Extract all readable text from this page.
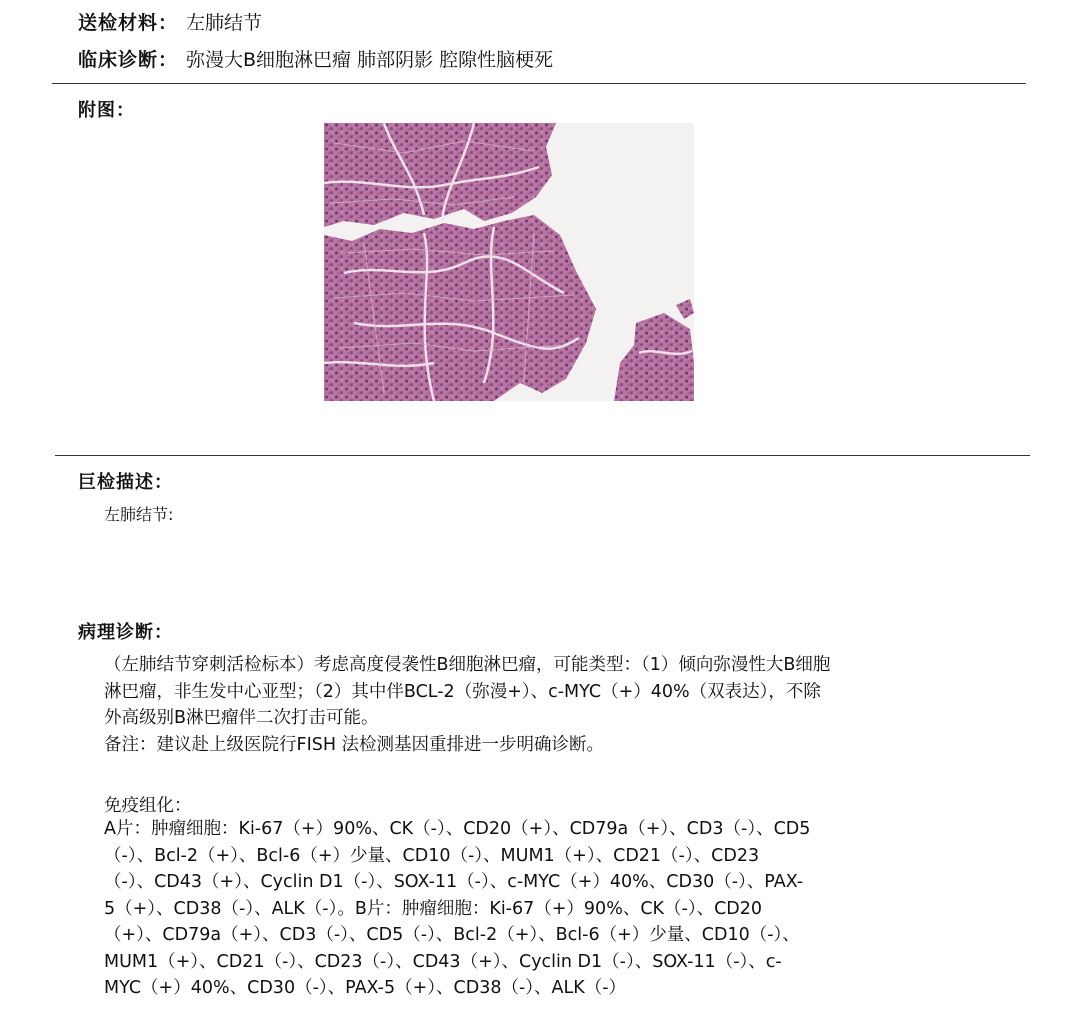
送检材料： 左肺结节
临床诊断： 弥漫大B细胞淋巴瘤 肺部阴影 腔隙性脑梗死
附图：
巨检描述：
左肺结节:
病理诊断：

（左肺结节穿刺活检标本）考虑高度侵袭性B细胞淋巴瘤，可能类型：（1）倾向弥漫性大B细胞

淋巴瘤，非生发中心亚型；（2）其中伴BCL-2（弥漫+）、c-MYC（+）40%（双表达），不除

外高级别B淋巴瘤伴二次打击可能。

备注：建议赴上级医院行FISH 法检测基因重排进一步明确诊断。

免疫组化：

A片：肿瘤细胞：Ki-67（+）90%、CK（-）、CD20（+）、CD79a（+）、CD3（-）、CD5

（-）、Bcl-2（+）、Bcl-6（+）少量、CD10（-）、MUM1（+）、CD21（-）、CD23

（-）、CD43（+）、Cyclin D1（-）、SOX-11（-）、c-MYC（+）40%、CD30（-）、PAX-

5（+）、CD38（-）、ALK（-）。B片：肿瘤细胞：Ki-67（+）90%、CK（-）、CD20

（+）、CD79a（+）、CD3（-）、CD5（-）、Bcl-2（+）、Bcl-6（+）少量、CD10（-）、

MUM1（+）、CD21（-）、CD23（-）、CD43（+）、Cyclin D1（-）、SOX-11（-）、c-

MYC（+）40%、CD30（-）、PAX-5（+）、CD38（-）、ALK（-）
